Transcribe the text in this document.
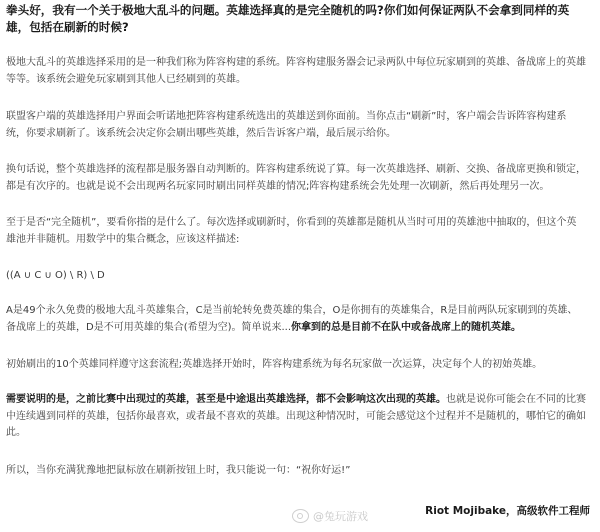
拳头好，我有一个关于极地大乱斗的问题。英雄选择真的是完全随机的吗?你们如何保证两队不会拿到同样的英雄，包括在刷新的时候?
极地大乱斗的英雄选择采用的是一种我们称为阵容构建的系统。阵容构建服务器会记录两队中每位玩家刷到的英雄、备战席上的英雄等等。该系统会避免玩家刷到其他人已经刷到的英雄。
联盟客户端的英雄选择用户界面会听诺地把阵容构建系统选出的英雄送到你面前。当你点击“刷新”时，客户端会告诉阵容构建系统，你要求刷新了。该系统会决定你会刷出哪些英雄，然后告诉客户端，最后展示给你。
换句话说，整个英雄选择的流程都是服务器自动判断的。阵容构建系统说了算。每一次英雄选择、刷新、交换、备战席更换和锁定，都是有次序的。也就是说不会出现两名玩家同时刷出同样英雄的情况;阵容构建系统会先处理一次刷新，然后再处理另一次。
至于是否“完全随机”，要看你指的是什么了。每次选择或刷新时，你看到的英雄都是随机从当时可用的英雄池中抽取的，但这个英雄池并非随机。用数学中的集合概念，应该这样描述:
((A ∪ C ∪ O) \ R) \ D
A是49个永久免费的极地大乱斗英雄集合，C是当前轮转免费英雄的集合，O是你拥有的英雄集合，R是目前两队玩家刷到的英雄、备战席上的英雄，D是不可用英雄的集合(希望为空)。简单说来...你拿到的总是目前不在队中或备战席上的随机英雄。
初始刷出的10个英雄同样遵守这套流程;英雄选择开始时，阵容构建系统为每名玩家做一次运算，决定每个人的初始英雄。
需要说明的是，之前比赛中出现过的英雄，甚至是中途退出英雄选择，都不会影响这次出现的英雄。也就是说你可能会在不同的比赛中连续遇到同样的英雄，包括你最喜欢，或者最不喜欢的英雄。出现这种情况时，可能会感觉这个过程并不是随机的，哪怕它的确如此。
所以，当你充满犹豫地把鼠标放在刷新按钮上时，我只能说一句：“祝你好运!”
@兔玩游戏	Riot Mojibake，高级软件工程师
